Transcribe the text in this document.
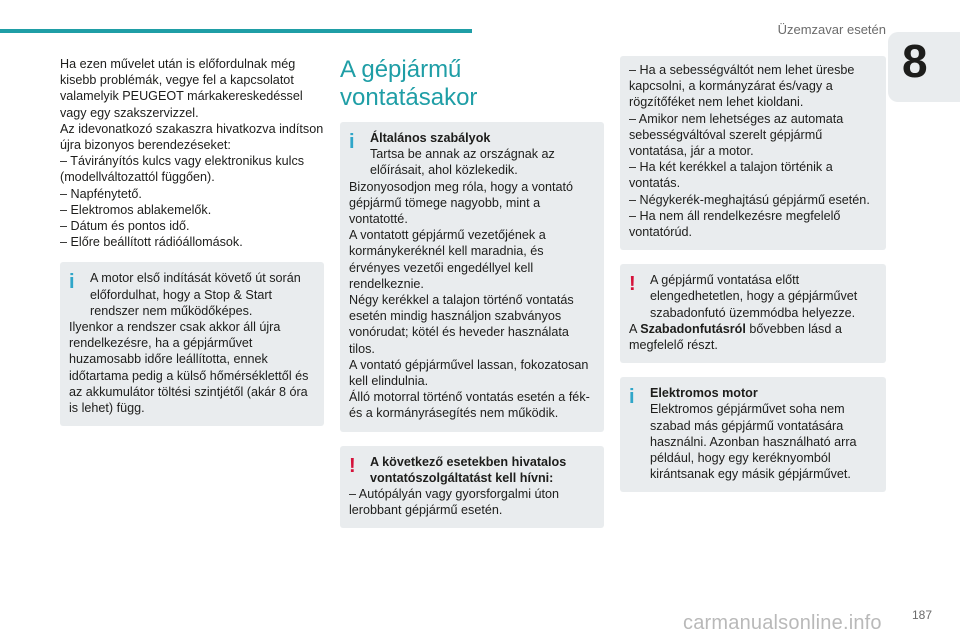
Üzemzavar esetén
8

Ha ezen művelet után is előfordulnak még kisebb problémák, vegye fel a kapcsolatot valamelyik PEUGEOT márkakereskedéssel vagy egy szakszervizzel.

Az idevonatkozó szakaszra hivatkozva indítson újra bizonyos berendezéseket:

– Távirányítós kulcs vagy elektronikus kulcs (modellváltozattól függően).

– Napfénytető.

– Elektromos ablakemelők.

– Dátum és pontos idő.

– Előre beállított rádióállomások.

i	A motor első indítását követő út során előfordulhat, hogy a Stop & Start rendszer nem működőképes.

Ilyenkor a rendszer csak akkor áll újra rendelkezésre, ha a gépjárművet huzamosabb időre leállította, ennek időtartama pedig a külső hőmérséklettől és az akkumulátor töltési szintjétől (akár 8 óra is lehet) függ.

A gépjármű vontatásakor
i	Általános szabályok

Tartsa be annak az országnak az előírásait, ahol közlekedik.

Bizonyosodjon meg róla, hogy a vontató gépjármű tömege nagyobb, mint a vontatotté.

A vontatott gépjármű vezetőjének a kormánykeréknél kell maradnia, és érvényes vezetői engedéllyel kell rendelkeznie.

Négy kerékkel a talajon történő vontatás esetén mindig használjon szabványos vonórudat; kötél és heveder használata tilos.

A vontató gépjárművel lassan, fokozatosan kell elindulnia.

Álló motorral történő vontatás esetén a fék- és a kormányrásegítés nem működik.

!	A következő esetekben hivatalos vontatószolgáltatást kell hívni:

– Autópályán vagy gyorsforgalmi úton lerobbant gépjármű esetén.

– Ha a sebességváltót nem lehet üresbe kapcsolni, a kormányzárat és/vagy a rögzítőféket nem lehet kioldani.

– Amikor nem lehetséges az automata sebességváltóval szerelt gépjármű vontatása, jár a motor.

– Ha két kerékkel a talajon történik a vontatás.

– Négykerék-meghajtású gépjármű esetén.

– Ha nem áll rendelkezésre megfelelő vontatórúd.

!	A gépjármű vontatása előtt elengedhetetlen, hogy a gépjárművet szabadonfutó üzemmódba helyezze.

A Szabadonfutásról bővebben lásd a megfelelő részt.

i	Elektromos motor

Elektromos gépjárművet soha nem szabad más gépjármű vontatására használni. Azonban használható arra például, hogy egy keréknyomból kirántsanak egy másik gépjárművet.

187
carmanualsonline.info
